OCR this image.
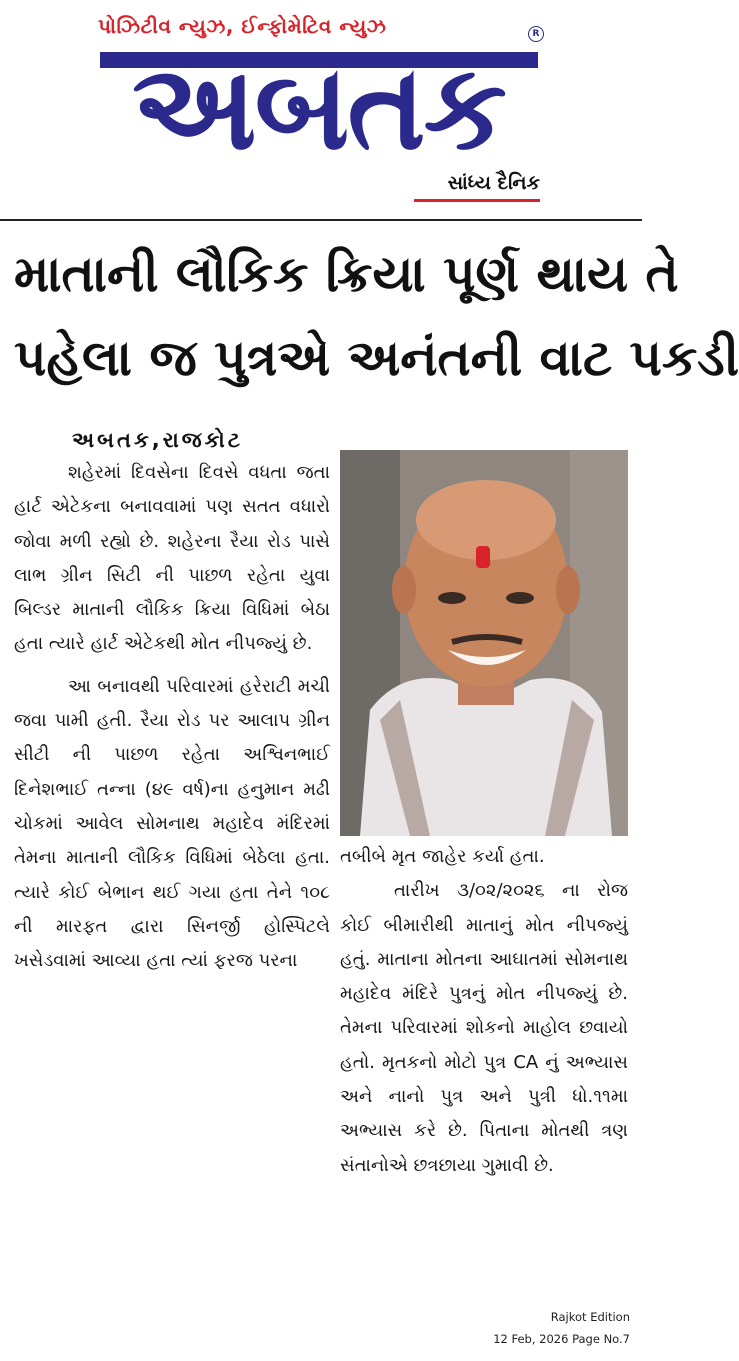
પોઝિટીવ ન્યુઝ, ઈન્ફોમેટિવ ન્યુઝ	R
અબતક
સાંધ્ય દૈનિક
માતાની લૌકિક ક્રિયા પૂર્ણ થાય તે
પહેલા જ પુત્રએ અનંતની વાટ પકડી
અબતક,રાજકોટ

શહેરમાં દિવસેના દિવસે વધતા જતા હાર્ટ એટેકના બનાવવામાં પણ સતત વધારો જોવા મળી રહ્યો છે. શહેરના રૈયા રોડ પાસે લાભ ગ્રીન સિટી ની પાછળ રહેતા યુવા બિલ્ડર માતાની લૌકિક ક્રિયા વિધિમાં બેઠા હતા ત્યારે હાર્ટ એટેકથી મોત નીપજ્યું છે.

આ બનાવથી પરિવારમાં હરેરાટી મચી જવા પામી હતી. રૈયા રોડ પર આલાપ ગ્રીન સીટી ની પાછળ રહેતા અશ્વિનભાઈ દિનેશભાઈ તન્ના (૪૯ વર્ષ)ના હનુમાન મઢી ચોકમાં આવેલ સોમનાથ મહાદેવ મંદિરમાં તેમના માતાની લૌકિક વિધિમાં બેઠેલા હતા. ત્યારે કોઈ બેભાન થઈ ગયા હતા તેને ૧૦૮ ની મારફત દ્વારા સિનર્જી હોસ્પિટલે ખસેડવામાં આવ્યા હતા ત્યાં ફરજ પરના

તબીબે મૃત જાહેર કર્યા હતા.

તારીખ ૩/૦૨/૨૦૨૬ ના રોજ કોઈ બીમારીથી માતાનું મોત નીપજ્યું હતું. માતાના મોતના આઘાતમાં સોમનાથ મહાદેવ મંદિરે પુત્રનું મોત નીપજ્યું છે. તેમના પરિવારમાં શોકનો માહોલ છવાયો હતો. મૃતકનો મોટો પુત્ર CA નું અભ્યાસ અને નાનો પુત્ર અને પુત્રી ધો.૧૧મા અભ્યાસ કરે છે. પિતાના મોતથી ત્રણ સંતાનોએ છત્રછાયા ગુમાવી છે.

Rajkot Edition
12 Feb, 2026 Page No.7
